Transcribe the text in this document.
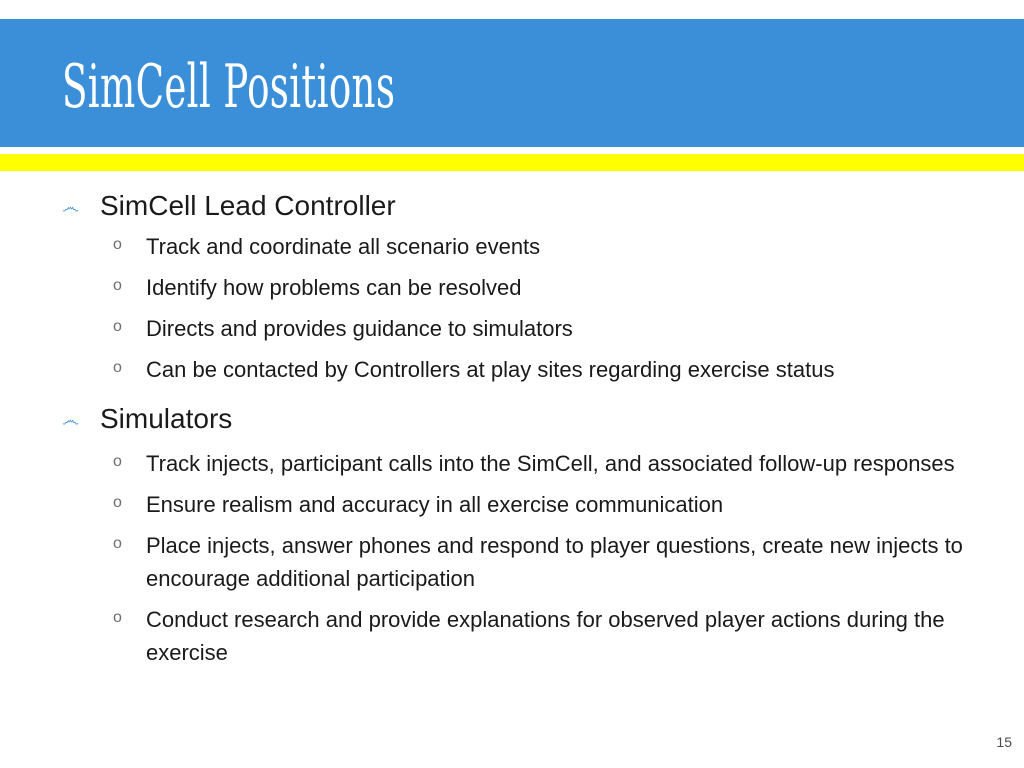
SimCell Positions
෴ SimCell Lead Controller
o Track and coordinate all scenario events
o Identify how problems can be resolved
o Directs and provides guidance to simulators
o Can be contacted by Controllers at play sites regarding exercise status
෴ Simulators
o Track injects, participant calls into the SimCell, and associated follow-up responses
o Ensure realism and accuracy in all exercise communication
o Place injects, answer phones and respond to player questions, create new injects to encourage additional participation
o Conduct research and provide explanations for observed player actions during the exercise
15
